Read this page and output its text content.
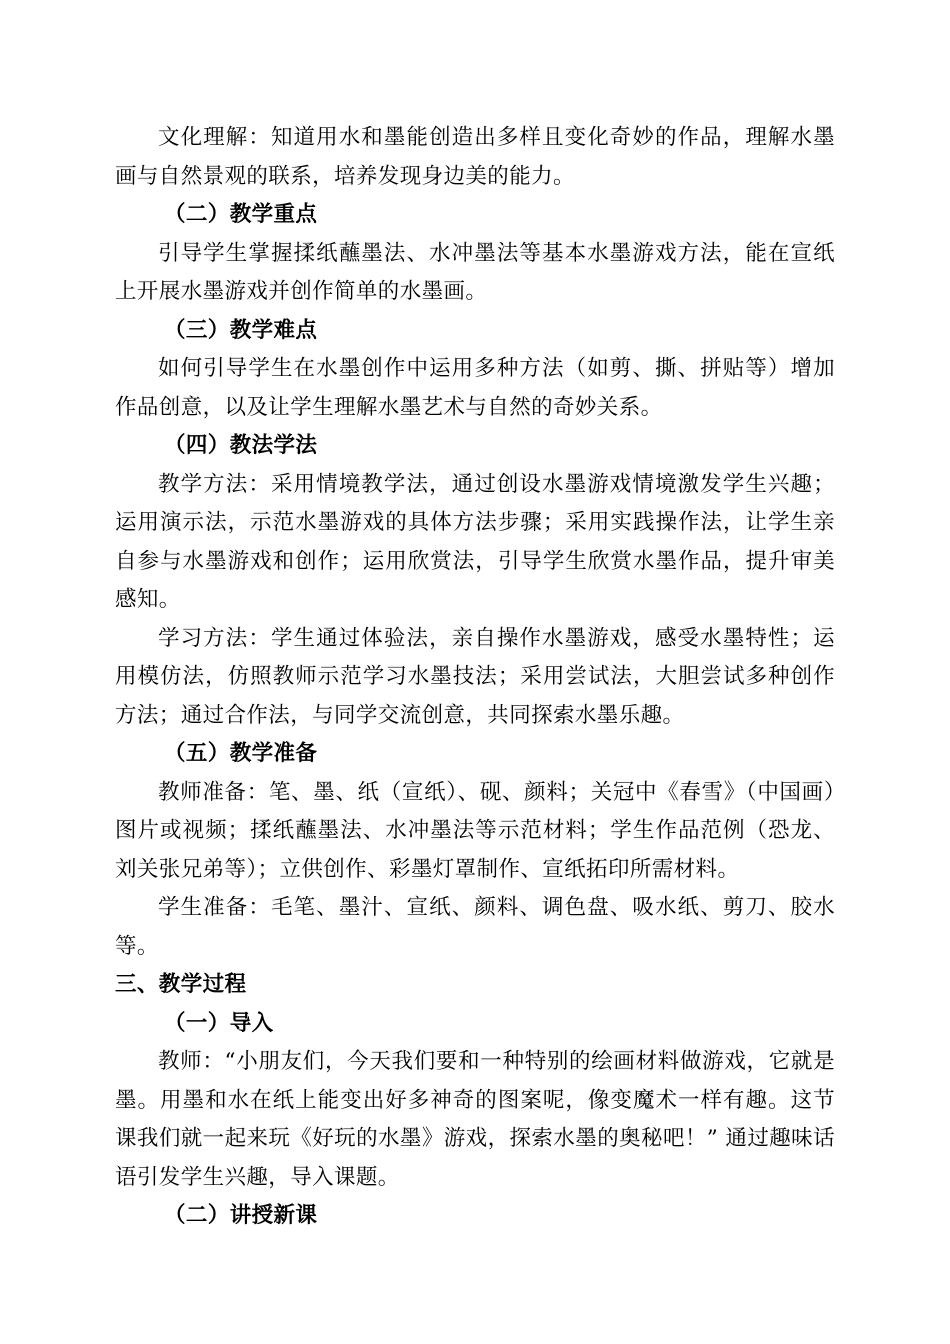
文化理解：知道用水和墨能创造出多样且变化奇妙的作品，理解水墨画与自然景观的联系，培养发现身边美的能力。

（二）教学重点

引导学生掌握揉纸蘸墨法、水冲墨法等基本水墨游戏方法，能在宣纸上开展水墨游戏并创作简单的水墨画。

（三）教学难点

如何引导学生在水墨创作中运用多种方法（如剪、撕、拼贴等）增加作品创意，以及让学生理解水墨艺术与自然的奇妙关系。

（四）教法学法

教学方法：采用情境教学法，通过创设水墨游戏情境激发学生兴趣；运用演示法，示范水墨游戏的具体方法步骤；采用实践操作法，让学生亲自参与水墨游戏和创作；运用欣赏法，引导学生欣赏水墨作品，提升审美感知。

学习方法：学生通过体验法，亲自操作水墨游戏，感受水墨特性；运用模仿法，仿照教师示范学习水墨技法；采用尝试法，大胆尝试多种创作方法；通过合作法，与同学交流创意，共同探索水墨乐趣。

（五）教学准备

教师准备：笔、墨、纸（宣纸）、砚、颜料；关冠中《春雪》（中国画）图片或视频；揉纸蘸墨法、水冲墨法等示范材料；学生作品范例（恐龙、刘关张兄弟等）；立供创作、彩墨灯罩制作、宣纸拓印所需材料。

学生准备：毛笔、墨汁、宣纸、颜料、调色盘、吸水纸、剪刀、胶水等。

三、教学过程

（一）导入

教师：“小朋友们，今天我们要和一种特别的绘画材料做游戏，它就是墨。用墨和水在纸上能变出好多神奇的图案呢，像变魔术一样有趣。这节课我们就一起来玩《好玩的水墨》游戏，探索水墨的奥秘吧！” 通过趣味话语引发学生兴趣，导入课题。

（二）讲授新课
